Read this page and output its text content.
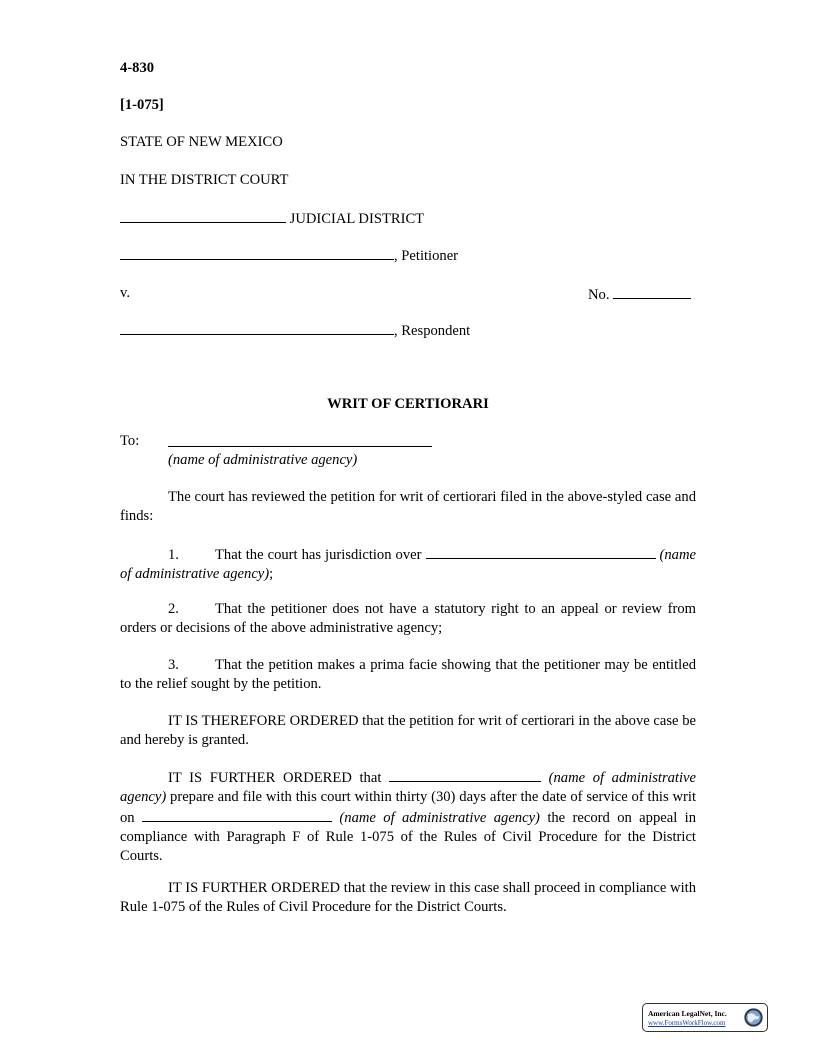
4-830
[1-075]
STATE OF NEW MEXICO
IN THE DISTRICT COURT
JUDICIAL DISTRICT
, Petitioner
v.	No.
, Respondent
WRIT OF CERTIORARI
To:
(name of administrative agency)
The court has reviewed the petition for writ of certiorari filed in the above-styled case and finds:
1. That the court has jurisdiction over	(name of administrative agency);
2. That the petitioner does not have a statutory right to an appeal or review from orders or decisions of the above administrative agency;
3. That the petition makes a prima facie showing that the petitioner may be entitled to the relief sought by the petition.
IT IS THEREFORE ORDERED that the petition for writ of certiorari in the above case be and hereby is granted.
IT IS FURTHER ORDERED that	(name of administrative agency) prepare and file with this court within thirty (30) days after the date of service of this writ on	(name of administrative agency) the record on appeal in compliance with Paragraph F of Rule 1-075 of the Rules of Civil Procedure for the District Courts.
IT IS FURTHER ORDERED that the review in this case shall proceed in compliance with Rule 1-075 of the Rules of Civil Procedure for the District Courts.
American LegalNet, Inc.
www.FormsWorkFlow.com
